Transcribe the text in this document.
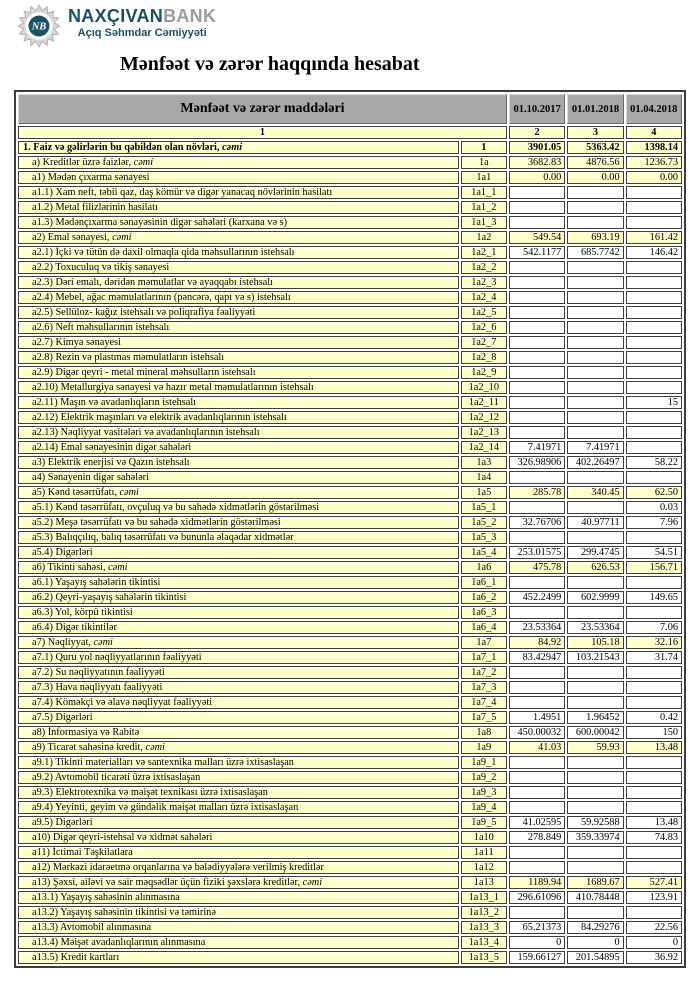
NB
NAXÇIVANBANK
Açıq Səhmdar Cəmiyyəti
Mənfəət və zərər haqqında hesabat
Mənfəət və zərər maddələri		01.10.2017	01.01.2018	01.04.2018
1		2	3	4
1. Faiz və gəlirlərin bu qəbildən olan növləri, cəmi	1	3901.05	5363.42	1398.14
a) Kreditlər üzrə faizlər, cəmi	1a	3682.83	4876.56	1236.73
a1) Mədən çıxarma sənayesi	1a1	0.00	0.00	0.00
a1.1) Xam neft, təbii qaz, daş kömür və digər yanacaq növlərinin hasilatı	1a1_1			
a1.2) Metal filizlərinin hasilatı	1a1_2			
a1.3) Mədənçıxarma sənayəsinin digər sahələri (karxana və s)	1a1_3			
a2) Emal sənayesi, cəmi	1a2	549.54	693.19	161.42
a2.1) İçki və tütün də daxil olmaqla qida məhsullarının istehsalı	1a2_1	542.1177	685.7742	146.42
a2.2) Toxuculuq və tikiş sənayesi	1a2_2			
a2.3) Dəri emalı, dəridən məmulatlar və ayaqqabı istehsalı	1a2_3			
a2.4) Mebel, ağac məmulatlarının (pəncərə, qapı və s) istehsalı	1a2_4			
a2.5) Sellüloz- kağız istehsalı və poliqrafiya fəaliyyəti	1a2_5			
a2.6) Neft məhsullarının istehsalı	1a2_6			
a2.7) Kimya sənayesi	1a2_7			
a2.8) Rezin və plastmas məmulatların istehsalı	1a2_8			
a2.9) Digər qeyri - metal mineral məhsulların istehsalı	1a2_9			
a2.10) Metallurgiya sənayesi və hazır metal məmulatlarının istehsalı	1a2_10			
a2.11) Maşın və avadanlıqların istehsalı	1a2_11			15
a2.12) Elektrik maşınları və elektrik avadanlıqlarının istehsalı	1a2_12			
a2.13) Nəqliyyat vasitələri və avadanlıqlarının istehsalı	1a2_13			
a2.14) Emal sənayesinin digər sahələri	1a2_14	7.41971	7.41971	
a3) Elektrik enerjisi və Qazın istehsalı	1a3	326.98906	402.26497	58.22
a4) Sənayenin digər sahələri	1a4			
a5) Kənd təsərrüfatı, cəmi	1a5	285.78	340.45	62.50
a5.1) Kənd təsərrüfatı, ovçuluq və bu sahədə xidmətlərin göstərilməsi	1a5_1			0.03
a5.2) Meşə təsərrüfatı və bu sahədə xidmətlərin göstərilməsi	1a5_2	32.76706	40.97711	7.96
a5.3) Balıqçılıq, balıq təsərrüfatı və bununla əlaqədar xidmətlər	1a5_3			
a5.4) Digərləri	1a5_4	253.01575	299.4745	54.51
a6) Tikinti sahəsi, cəmi	1a6	475.78	626.53	156.71
a6.1) Yaşayış sahələrin tikintisi	1a6_1			
a6.2) Qeyri-yaşayış sahələrin tikintisi	1a6_2	452.2499	602.9999	149.65
a6.3) Yol, körpü tikintisi	1a6_3			
a6.4) Digər tikintilər	1a6_4	23.53364	23.53364	7.06
a7) Nəqliyyat, cəmi	1a7	84.92	105.18	32.16
a7.1) Quru yol nəqliyyatlarının fəaliyyəti	1a7_1	83.42947	103.21543	31.74
a7.2) Su nəqliyyatının fəaliyyəti	1a7_2			
a7.3) Hava nəqliyyatı fəaliyyəti	1a7_3			
a7.4) Köməkçi və əlavə nəqliyyat fəaliyyəti	1a7_4			
a7.5) Digərləri	1a7_5	1.4951	1.96452	0.42
a8) İnformasiya və Rabitə	1a8	450.00032	600.00042	150
a9) Ticarət sahəsinə kredit, cəmi	1a9	41.03	59.93	13.48
a9.1) Tikinti materialları və santexnika malları üzrə ixtisaslaşan	1a9_1			
a9.2) Avtomobil ticarəti üzrə ixtisaslaşan	1a9_2			
a9.3) Elektrotexnika və məişət texnikası üzrə ixtisaslaşan	1a9_3			
a9.4) Yeyinti, geyim və gündəlik məişət malları üzrə ixtisaslaşan	1a9_4			
a9.5) Digərləri	1a9_5	41.02595	59.92588	13.48
a10) Digər qeyri-istehsal və xidmət sahələri	1a10	278.849	359.33974	74.83
a11) İctimai Təşkilatlara	1a11			
a12) Mərkəzi idarəetmə orqanlarına və bələdiyyələrə verilmiş kreditlər	1a12			
a13) Şəxsi, ailəvi və sair məqsədlər üçün fiziki şəxslərə kreditlər, cəmi	1a13	1189.94	1689.67	527.41
a13.1) Yaşayış sahəsinin alınmasına	1a13_1	296.61096	410.78448	123.91
a13.2) Yaşayış sahəsinin tikintisi və təmirinə	1a13_2			
a13.3) Avtomobil alınmasına	1a13_3	65.21373	84.29276	22.56
a13.4) Məişət avadanlıqlarının alınmasına	1a13_4	0	0	0
a13.5) Kredit kartları	1a13_5	159.66127	201.54895	36.92
